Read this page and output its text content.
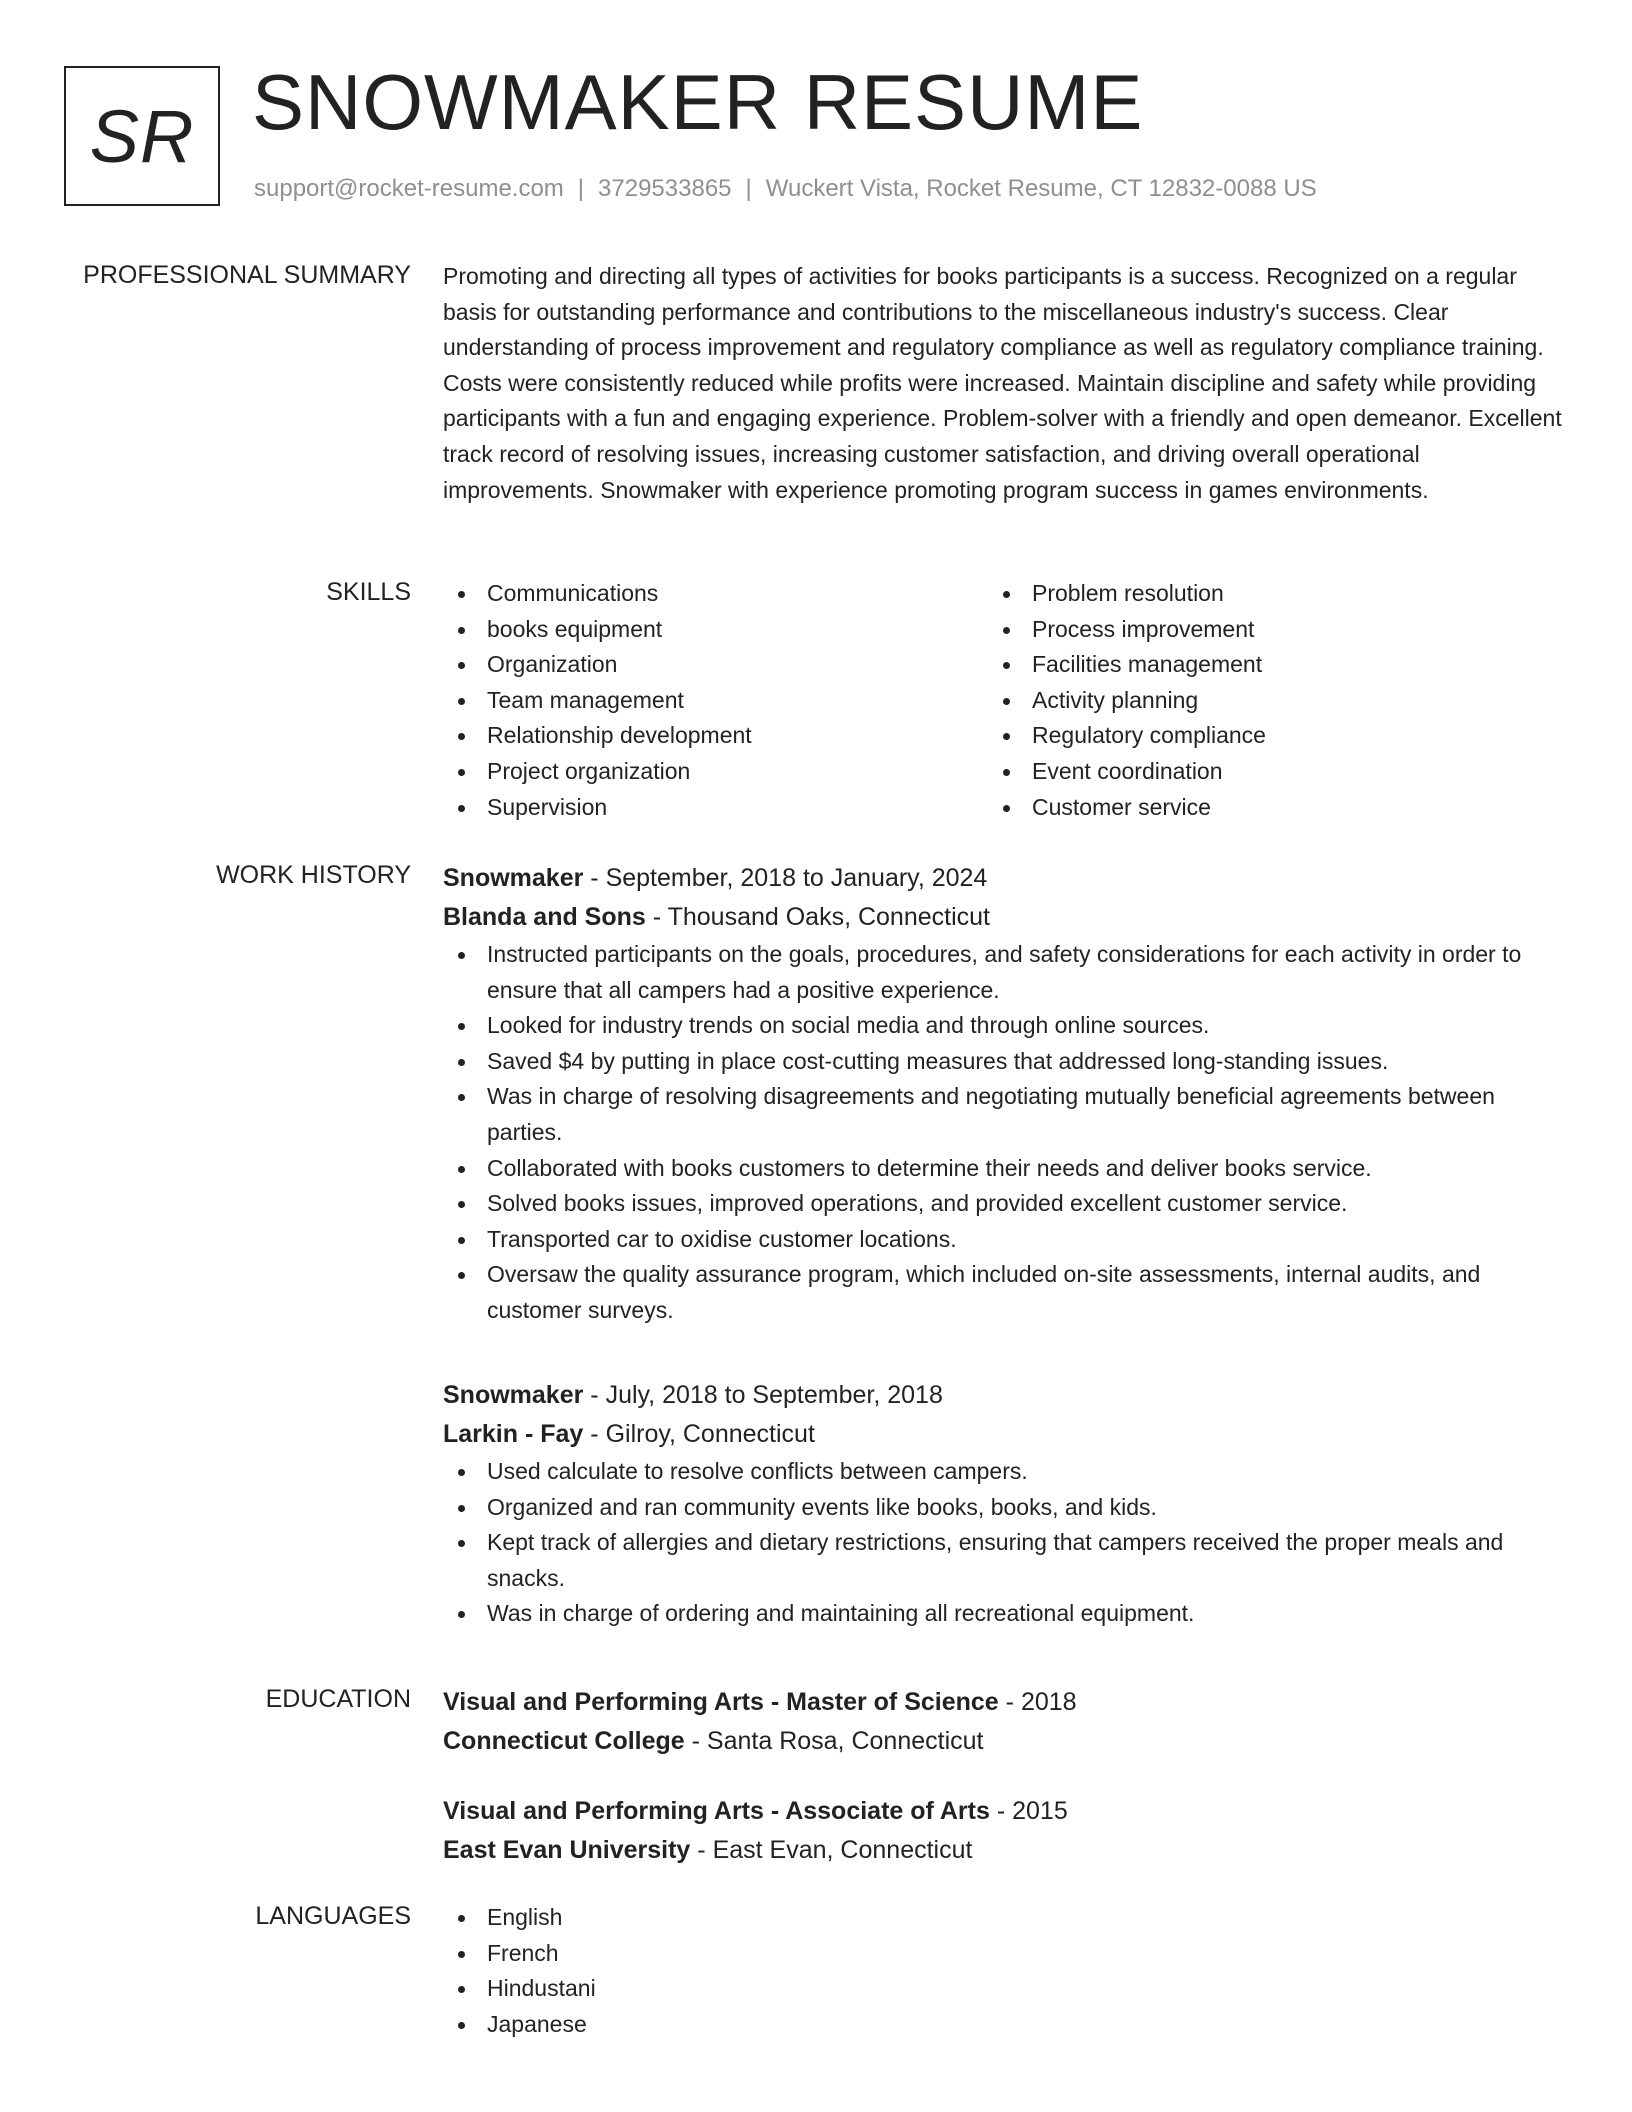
SR SNOWMAKER RESUME
support@rocket-resume.com | 3729533865 | Wuckert Vista, Rocket Resume, CT 12832-0088 US
PROFESSIONAL SUMMARY Promoting and directing all types of activities for books participants is a success. Recognized on a regular basis for outstanding performance and contributions to the miscellaneous industry's success. Clear understanding of process improvement and regulatory compliance as well as regulatory compliance training. Costs were consistently reduced while profits were increased. Maintain discipline and safety while providing participants with a fun and engaging experience. Problem-solver with a friendly and open demeanor. Excellent track record of resolving issues, increasing customer satisfaction, and driving overall operational improvements. Snowmaker with experience promoting program success in games environments.

SKILLS	Communications
books equipment
Organization
Team management
Relationship development
Project organization
Supervision
Problem resolution
Process improvement
Facilities management
Activity planning
Regulatory compliance
Event coordination
Customer service
WORK HISTORY Snowmaker - September, 2018 to January, 2024
Blanda and Sons - Thousand Oaks, Connecticut
Instructed participants on the goals, procedures, and safety considerations for each activity in order to ensure that all campers had a positive experience.
Looked for industry trends on social media and through online sources.
Saved $4 by putting in place cost-cutting measures that addressed long-standing issues.
Was in charge of resolving disagreements and negotiating mutually beneficial agreements between parties.
Collaborated with books customers to determine their needs and deliver books service.
Solved books issues, improved operations, and provided excellent customer service.
Transported car to oxidise customer locations.
Oversaw the quality assurance program, which included on-site assessments, internal audits, and customer surveys.
Snowmaker - July, 2018 to September, 2018
Larkin - Fay - Gilroy, Connecticut
Used calculate to resolve conflicts between campers.
Organized and ran community events like books, books, and kids.
Kept track of allergies and dietary restrictions, ensuring that campers received the proper meals and snacks.
Was in charge of ordering and maintaining all recreational equipment.
EDUCATION Visual and Performing Arts - Master of Science - 2018
Connecticut College - Santa Rosa, Connecticut
Visual and Performing Arts - Associate of Arts - 2015
East Evan University - East Evan, Connecticut
LANGUAGES	English
French
Hindustani
Japanese
